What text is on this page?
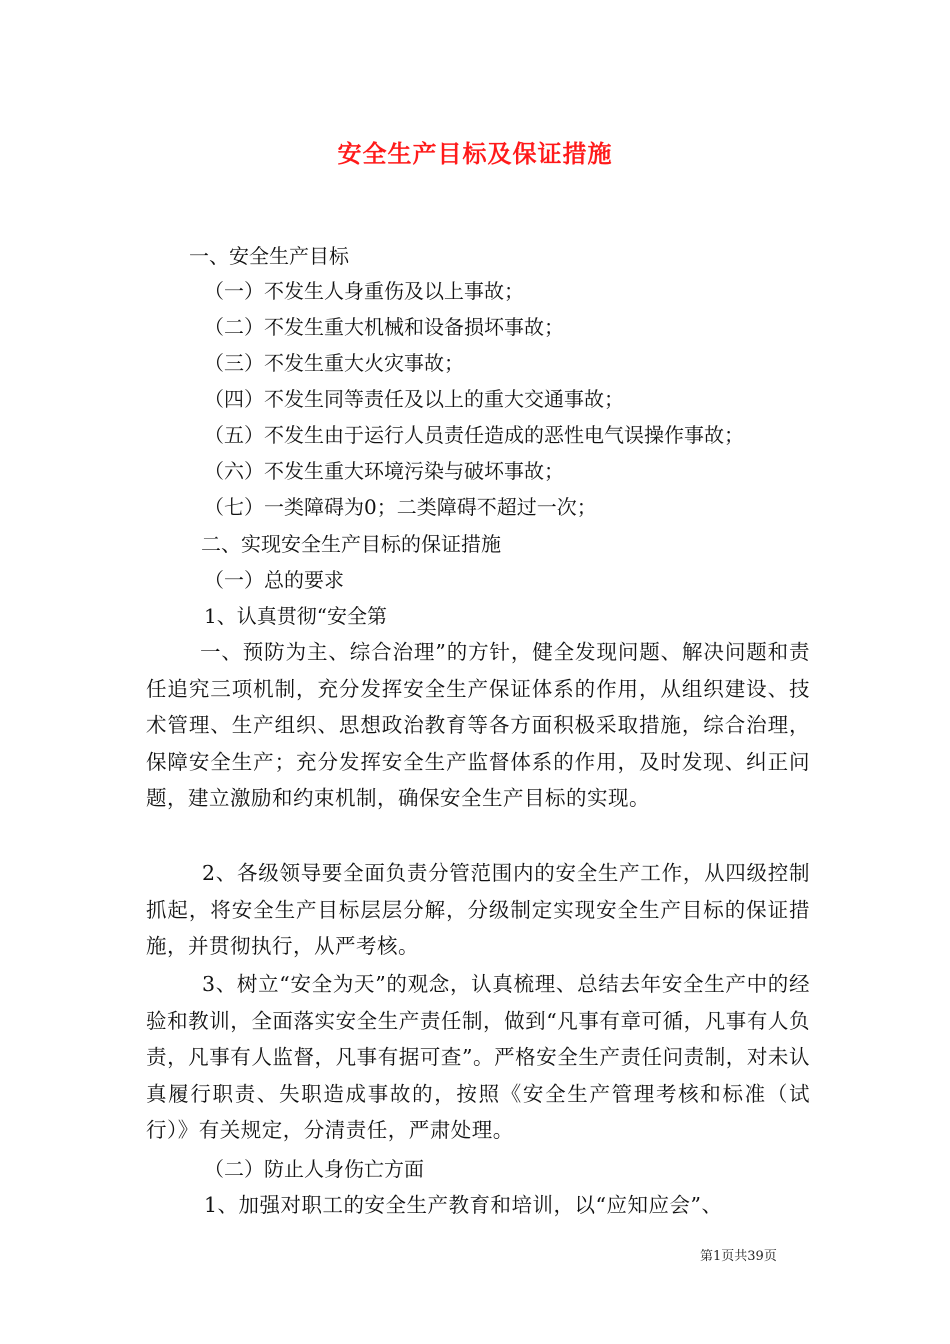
安全生产目标及保证措施
一、安全生产目标
（一）不发生人身重伤及以上事故；
（二）不发生重大机械和设备损坏事故；
（三）不发生重大火灾事故；
（四）不发生同等责任及以上的重大交通事故；
（五）不发生由于运行人员责任造成的恶性电气误操作事故；
（六）不发生重大环境污染与破坏事故；
（七）一类障碍为0；二类障碍不超过一次；
二、实现安全生产目标的保证措施
（一）总的要求
1、认真贯彻“安全第
一、预防为主、综合治理”的方针，健全发现问题、解决问题和责任追究三项机制，充分发挥安全生产保证体系的作用，从组织建设、技术管理、生产组织、思想政治教育等各方面积极采取措施，综合治理，保障安全生产；充分发挥安全生产监督体系的作用，及时发现、纠正问题，建立激励和约束机制，确保安全生产目标的实现。
2、各级领导要全面负责分管范围内的安全生产工作，从四级控制抓起，将安全生产目标层层分解，分级制定实现安全生产目标的保证措施，并贯彻执行，从严考核。
3、树立“安全为天”的观念，认真梳理、总结去年安全生产中的经验和教训，全面落实安全生产责任制，做到“凡事有章可循，凡事有人负责，凡事有人监督，凡事有据可查”。严格安全生产责任问责制，对未认真履行职责、失职造成事故的，按照《安全生产管理考核和标准（试行）》有关规定，分清责任，严肃处理。
（二）防止人身伤亡方面
1、加强对职工的安全生产教育和培训，以“应知应会”、
第1页共39页
